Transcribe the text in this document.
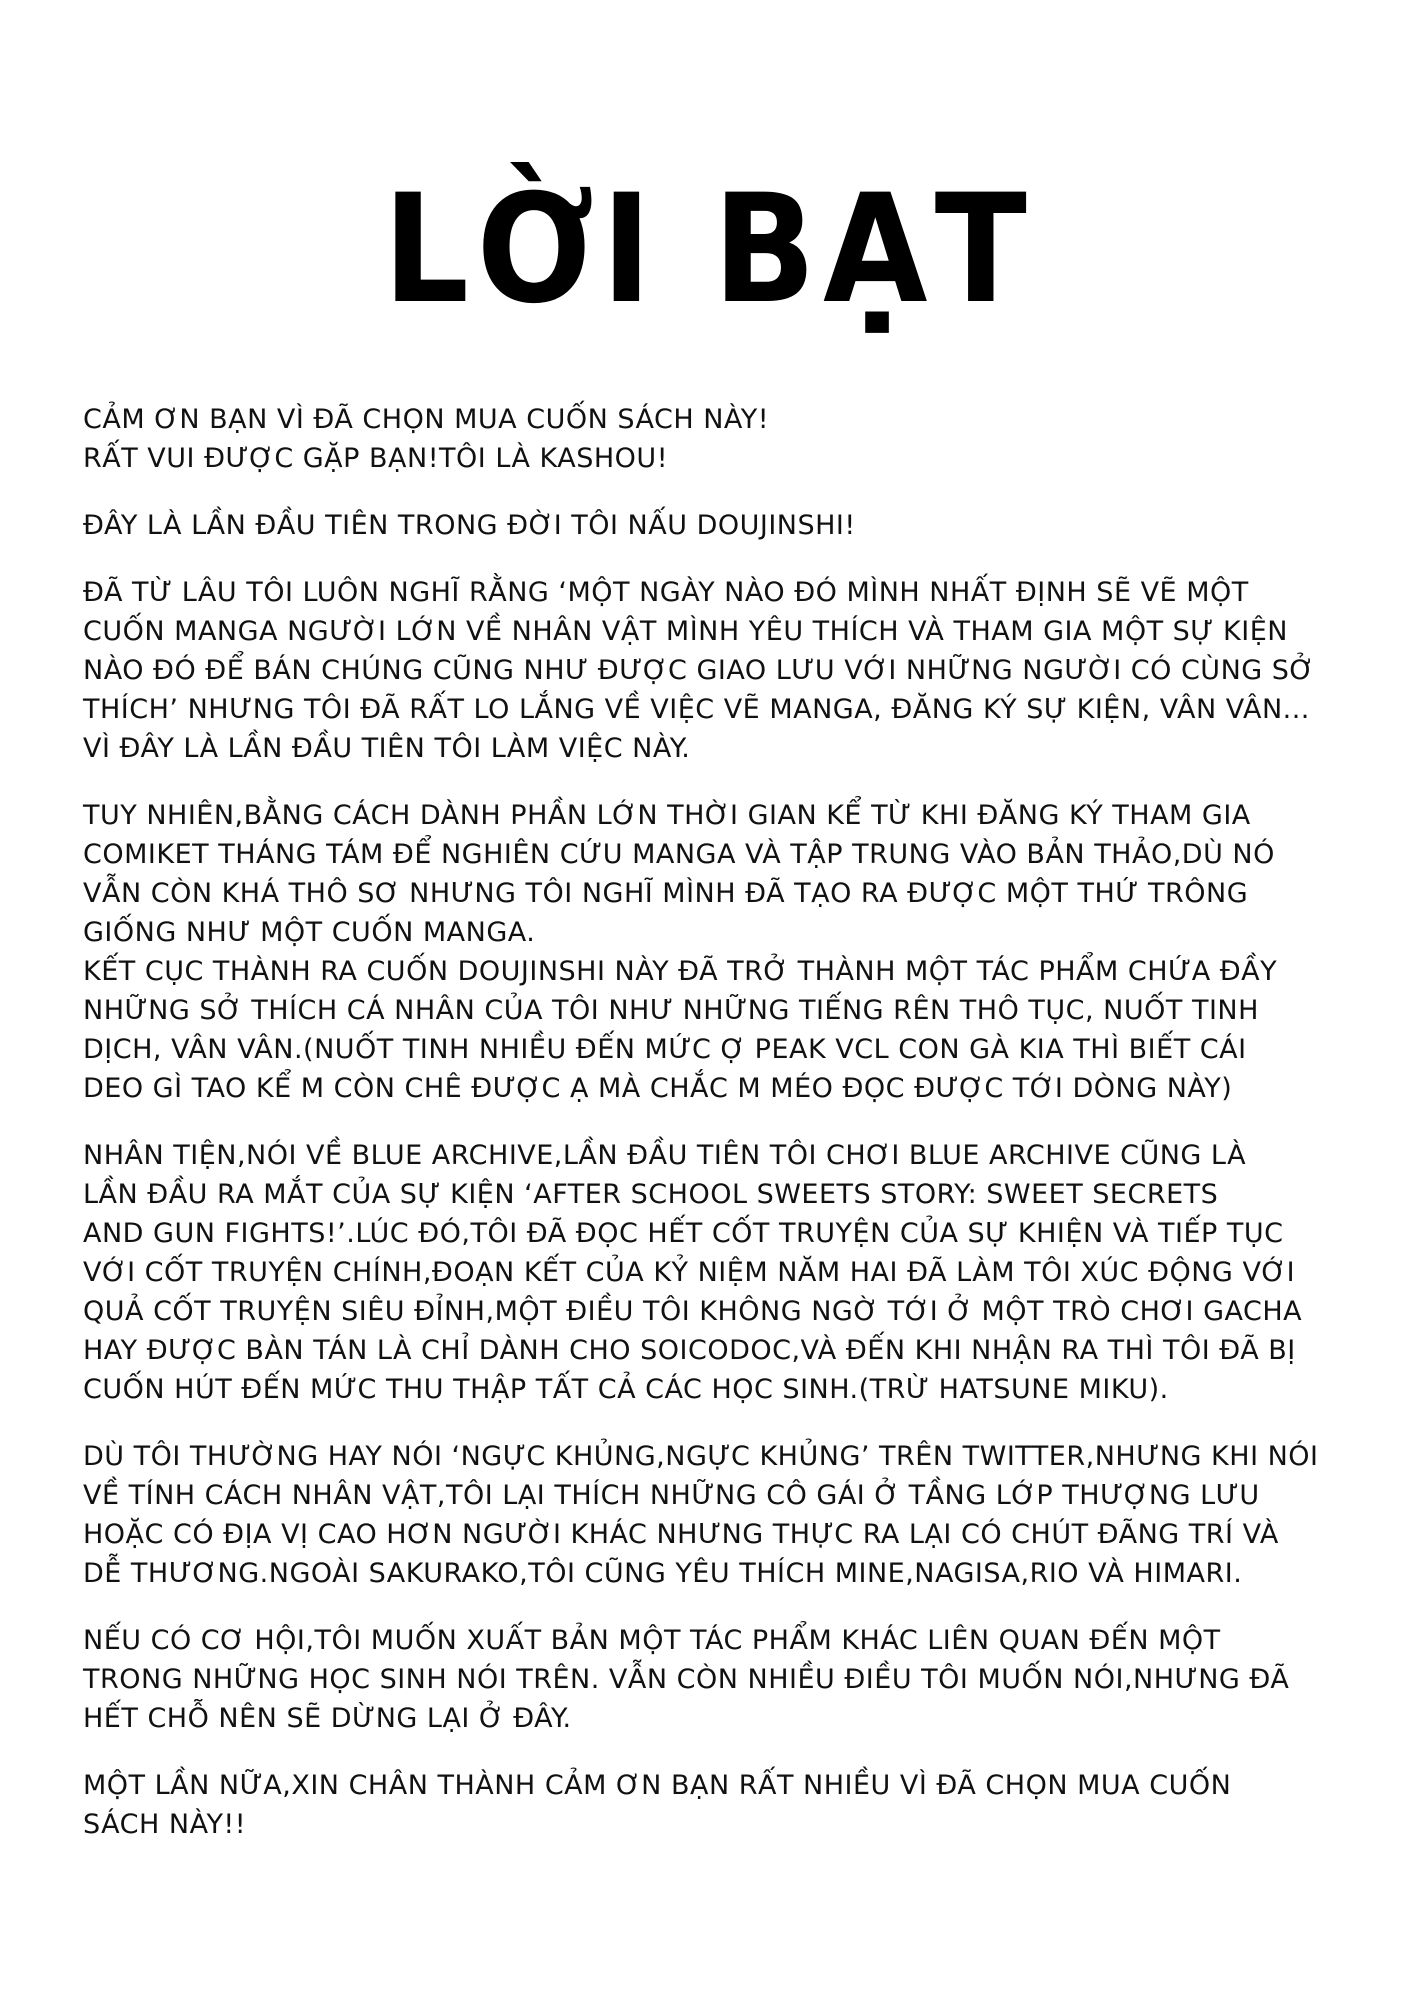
LỜI BẠT
CẢM ƠN BẠN VÌ ĐÃ CHỌN MUA CUỐN SÁCH NÀY!
RẤT VUI ĐƯỢC GẶP BẠN!TÔI LÀ KASHOU!
ĐÂY LÀ LẦN ĐẦU TIÊN TRONG ĐỜI TÔI NẤU DOUJINSHI!
ĐÃ TỪ LÂU TÔI LUÔN NGHĨ RẰNG ‘MỘT NGÀY NÀO ĐÓ MÌNH NHẤT ĐỊNH SẼ VẼ MỘT
CUỐN MANGA NGƯỜI LỚN VỀ NHÂN VẬT MÌNH YÊU THÍCH VÀ THAM GIA MỘT SỰ KIỆN
NÀO ĐÓ ĐỂ BÁN CHÚNG CŨNG NHƯ ĐƯỢC GIAO LƯU VỚI NHỮNG NGƯỜI CÓ CÙNG SỞ
THÍCH’ NHƯNG TÔI ĐÃ RẤT LO LẮNG VỀ VIỆC VẼ MANGA, ĐĂNG KÝ SỰ KIỆN, VÂN VÂN...
VÌ ĐÂY LÀ LẦN ĐẦU TIÊN TÔI LÀM VIỆC NÀY.
TUY NHIÊN,BẰNG CÁCH DÀNH PHẦN LỚN THỜI GIAN KỂ TỪ KHI ĐĂNG KÝ THAM GIA
COMIKET THÁNG TÁM ĐỂ NGHIÊN CỨU MANGA VÀ TẬP TRUNG VÀO BẢN THẢO,DÙ NÓ
VẪN CÒN KHÁ THÔ SƠ NHƯNG TÔI NGHĨ MÌNH ĐÃ TẠO RA ĐƯỢC MỘT THỨ TRÔNG
GIỐNG NHƯ MỘT CUỐN MANGA.
KẾT CỤC THÀNH RA CUỐN DOUJINSHI NÀY ĐÃ TRỞ THÀNH MỘT TÁC PHẨM CHỨA ĐẦY
NHỮNG SỞ THÍCH CÁ NHÂN CỦA TÔI NHƯ NHỮNG TIẾNG RÊN THÔ TỤC, NUỐT TINH
DỊCH, VÂN VÂN.(NUỐT TINH NHIỀU ĐẾN MỨC Ợ PEAK VCL CON GÀ KIA THÌ BIẾT CÁI
DEO GÌ TAO KỂ M CÒN CHÊ ĐƯỢC Ạ MÀ CHẮC M MÉO ĐỌC ĐƯỢC TỚI DÒNG NÀY)
NHÂN TIỆN,NÓI VỀ BLUE ARCHIVE,LẦN ĐẦU TIÊN TÔI CHƠI BLUE ARCHIVE CŨNG LÀ
LẦN ĐẦU RA MẮT CỦA SỰ KIỆN ‘AFTER SCHOOL SWEETS STORY: SWEET SECRETS
AND GUN FIGHTS!’.LÚC ĐÓ,TÔI ĐÃ ĐỌC HẾT CỐT TRUYỆN CỦA SỰ KHIỆN VÀ TIẾP TỤC
VỚI CỐT TRUYỆN CHÍNH,ĐOẠN KẾT CỦA KỶ NIỆM NĂM HAI ĐÃ LÀM TÔI XÚC ĐỘNG VỚI
QUẢ CỐT TRUYỆN SIÊU ĐỈNH,MỘT ĐIỀU TÔI KHÔNG NGỜ TỚI Ở MỘT TRÒ CHƠI GACHA
HAY ĐƯỢC BÀN TÁN LÀ CHỈ DÀNH CHO SOICODOC,VÀ ĐẾN KHI NHẬN RA THÌ TÔI ĐÃ BỊ
CUỐN HÚT ĐẾN MỨC THU THẬP TẤT CẢ CÁC HỌC SINH.(TRỪ HATSUNE MIKU).
DÙ TÔI THƯỜNG HAY NÓI ‘NGỰC KHỦNG,NGỰC KHỦNG’ TRÊN TWITTER,NHƯNG KHI NÓI
VỀ TÍNH CÁCH NHÂN VẬT,TÔI LẠI THÍCH NHỮNG CÔ GÁI Ở TẦNG LỚP THƯỢNG LƯU
HOẶC CÓ ĐỊA VỊ CAO HƠN NGƯỜI KHÁC NHƯNG THỰC RA LẠI CÓ CHÚT ĐÃNG TRÍ VÀ
DỄ THƯƠNG.NGOÀI SAKURAKO,TÔI CŨNG YÊU THÍCH MINE,NAGISA,RIO VÀ HIMARI.
NẾU CÓ CƠ HỘI,TÔI MUỐN XUẤT BẢN MỘT TÁC PHẨM KHÁC LIÊN QUAN ĐẾN MỘT
TRONG NHỮNG HỌC SINH NÓI TRÊN. VẪN CÒN NHIỀU ĐIỀU TÔI MUỐN NÓI,NHƯNG ĐÃ
HẾT CHỖ NÊN SẼ DỪNG LẠI Ở ĐÂY.
MỘT LẦN NỮA,XIN CHÂN THÀNH CẢM ƠN BẠN RẤT NHIỀU VÌ ĐÃ CHỌN MUA CUỐN
SÁCH NÀY!!
